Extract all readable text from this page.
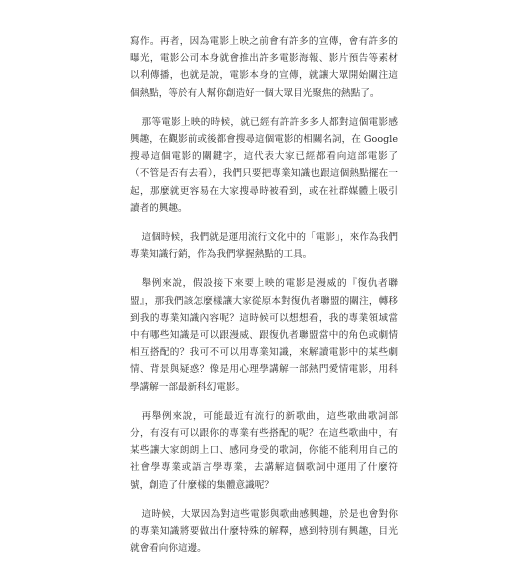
寫作。再者，因為電影上映之前會有許多的宣傳，會有許多的曝光，電影公司本身就會推出許多電影海報、影片預告等素材以利傳播，也就是說，電影本身的宣傳，就讓大眾開始關注這個熱點，等於有人幫你創造好一個大眾目光聚焦的熱點了。

那等電影上映的時候，就已經有許許多多人都對這個電影感興趣，在觀影前或後都會搜尋這個電影的相關名詞，在 Google 搜尋這個電影的關鍵字，這代表大家已經都看向這部電影了（不管是否有去看），我們只要把專業知識也跟這個熱點擺在一起，那麼就更容易在大家搜尋時被看到，或在社群媒體上吸引讀者的興趣。

這個時候，我們就是運用流行文化中的「電影」，來作為我們專業知識行銷，作為我們掌握熱點的工具。

舉例來說，假設接下來要上映的電影是漫威的『復仇者聯盟』，那我們該怎麼樣讓大家從原本對復仇者聯盟的關注，轉移到我的專業知識內容呢？這時候可以想想看，我的專業領域當中有哪些知識是可以跟漫威、跟復仇者聯盟當中的角色或劇情相互搭配的？我可不可以用專業知識，來解讀電影中的某些劇情、背景與疑惑？像是用心理學講解一部熱門愛情電影，用科學講解一部最新科幻電影。

再舉例來說，可能最近有流行的新歌曲，這些歌曲歌詞部分，有沒有可以跟你的專業有些搭配的呢？在這些歌曲中，有某些讓大家朗朗上口、感同身受的歌詞，你能不能利用自己的社會學專業或語言學專業，去講解這個歌詞中運用了什麼符號，創造了什麼樣的集體意識呢？

這時候，大眾因為對這些電影與歌曲感興趣，於是也會對你的專業知識將要做出什麼特殊的解釋，感到特別有興趣，目光就會看向你這邊。
